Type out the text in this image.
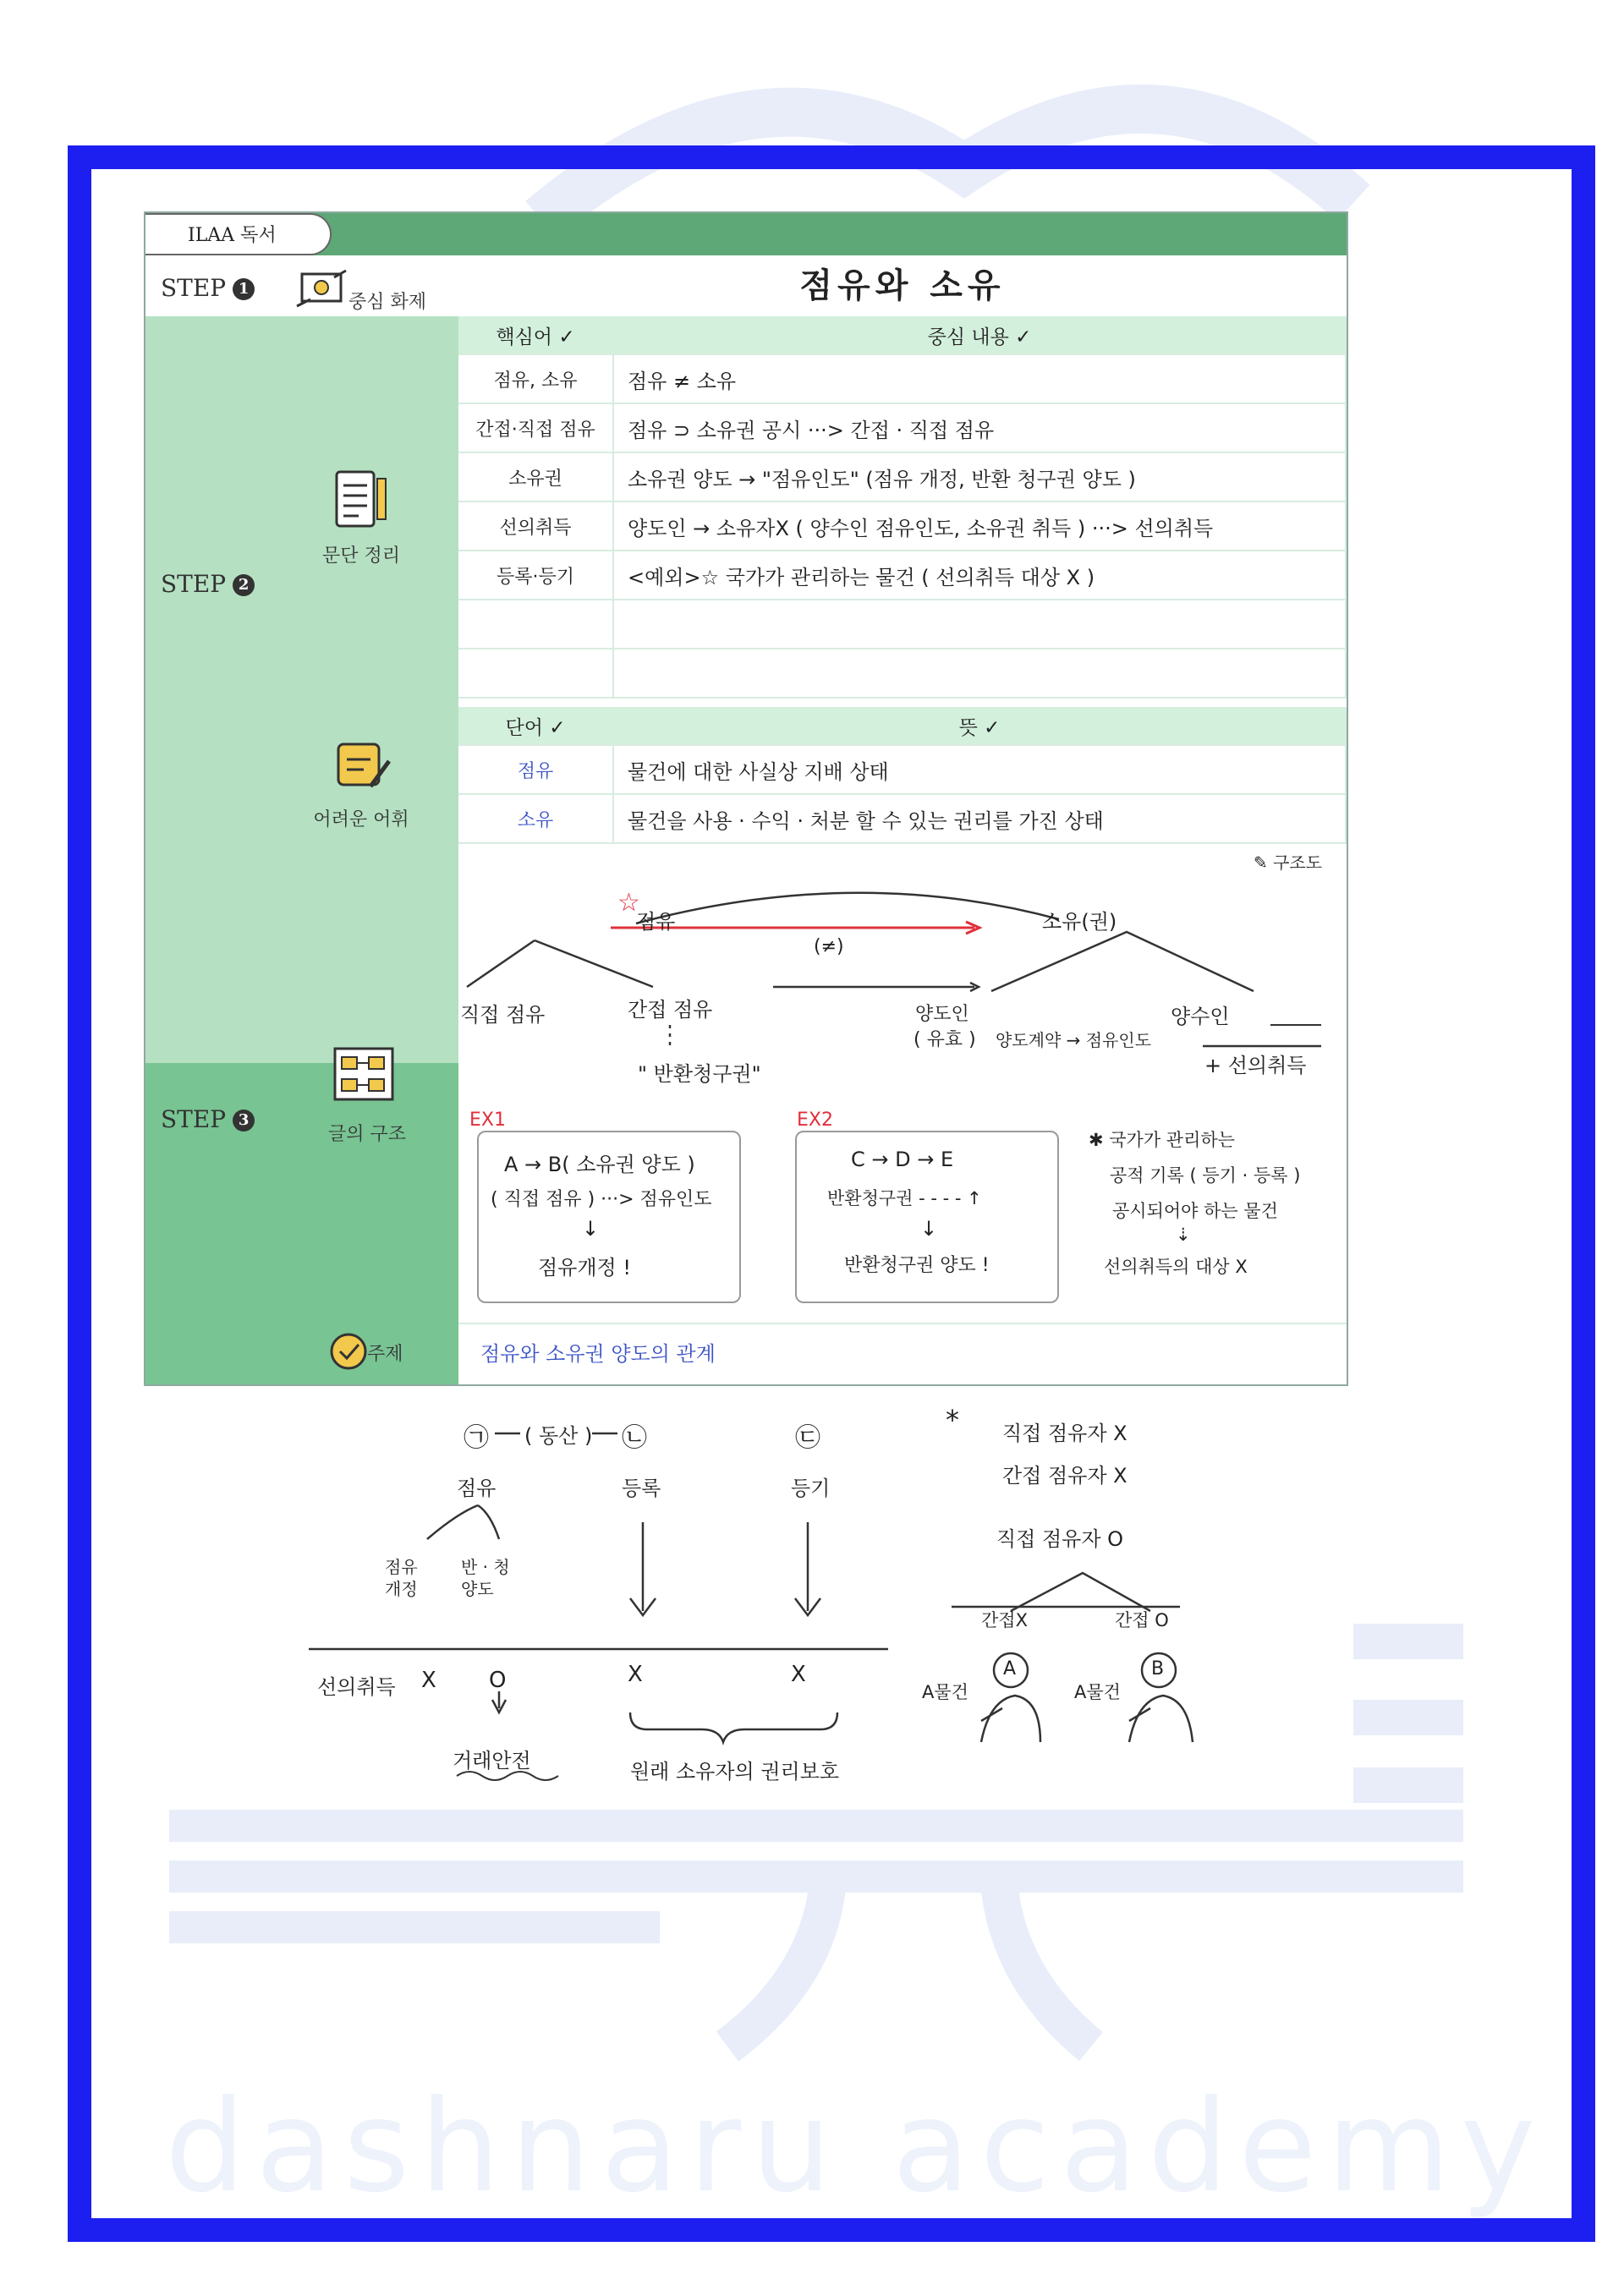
dashnaru academy
ILAA 독서
STEP 1
중심 화제
문단 정리
STEP 2
어려운 어휘
글의 구조
STEP 3
주제
점유와 소유
핵심어 ✓	중심 내용 ✓
점유, 소유	점유 ≠ 소유
간접·직접 점유	점유 ⊃ 소유권 공시 ···> 간접 · 직접 점유
소유권	소유권 양도 → "점유인도" (점유 개정, 반환 청구권 양도 )
선의취득	양도인 → 소유자X ( 양수인 점유인도, 소유권 취득 ) ···> 선의취득
등록·등기	<예외>☆ 국가가 관리하는 물건 ( 선의취득 대상 X )

단어 ✓	뜻 ✓
점유	물건에 대한 사실상 지배 상태
소유	물건을 사용 · 수익 · 처분 할 수 있는 권리를 가진 상태
✎ 구조도
☆
점유	소유(권)
(≠)
직접 점유	간접 점유
" 반환청구권"
양도인
( 유효 ) 양도계약 → 점유인도
양수인
+ 선의취득
EX1
A → B( 소유권 양도 )
( 직접 점유 ) ···> 점유인도
↓
점유개정 !
EX2
C → D → E
반환청구권 - - - - ↑
↓
반환청구권 양도 !
✱ 국가가 관리하는
공적 기록 ( 등기 · 등록 )
공시되어야 하는 물건
⇣
선의취득의 대상 X
점유와 소유권 양도의 관계
㉠ ( 동산 ) ㉡	㉢
점유	등록	등기
점유
개정
반 · 청
양도
선의취득 X O	X	X
거래안전	원래 소유자의 권리보호
* 직접 점유자 X
간접 점유자 X
직접 점유자 O
간접X	간접 O
A물건	A물건
A	B
